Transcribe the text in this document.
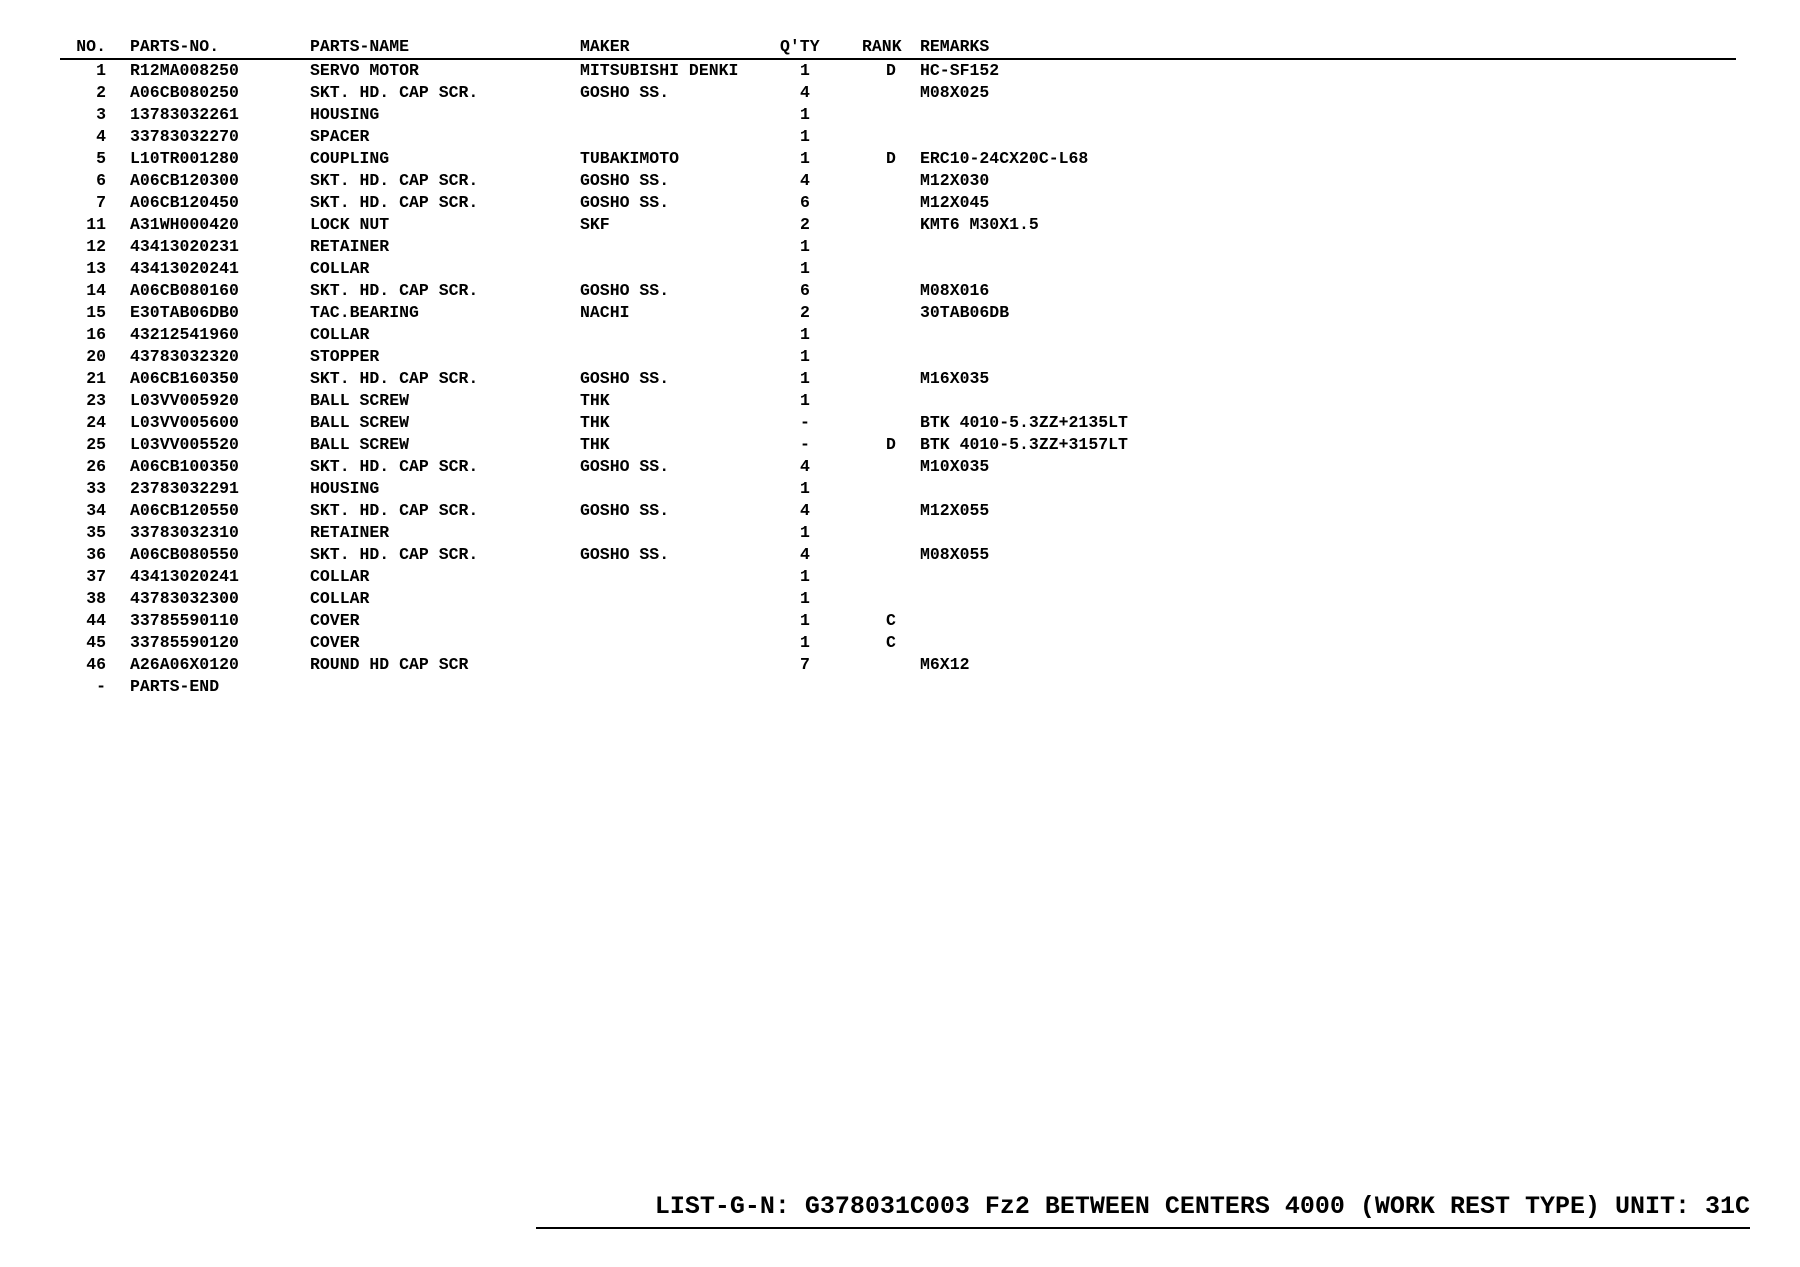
NO.	PARTS-NO.	PARTS-NAME	MAKER	Q'TY	RANK	REMARKS
1	R12MA008250	SERVO MOTOR	MITSUBISHI DENKI	1	D	HC-SF152
2	A06CB080250	SKT. HD. CAP SCR.	GOSHO SS.	4		M08X025
3	13783032261	HOUSING		1		
4	33783032270	SPACER		1		
5	L10TR001280	COUPLING	TUBAKIMOTO	1	D	ERC10-24CX20C-L68
6	A06CB120300	SKT. HD. CAP SCR.	GOSHO SS.	4		M12X030
7	A06CB120450	SKT. HD. CAP SCR.	GOSHO SS.	6		M12X045
11	A31WH000420	LOCK NUT	SKF	2		KMT6 M30X1.5
12	43413020231	RETAINER		1		
13	43413020241	COLLAR		1		
14	A06CB080160	SKT. HD. CAP SCR.	GOSHO SS.	6		M08X016
15	E30TAB06DB0	TAC.BEARING	NACHI	2		30TAB06DB
16	43212541960	COLLAR		1		
20	43783032320	STOPPER		1		
21	A06CB160350	SKT. HD. CAP SCR.	GOSHO SS.	1		M16X035
23	L03VV005920	BALL SCREW	THK	1		
24	L03VV005600	BALL SCREW	THK	-		BTK 4010-5.3ZZ+2135LT
25	L03VV005520	BALL SCREW	THK	-	D	BTK 4010-5.3ZZ+3157LT
26	A06CB100350	SKT. HD. CAP SCR.	GOSHO SS.	4		M10X035
33	23783032291	HOUSING		1		
34	A06CB120550	SKT. HD. CAP SCR.	GOSHO SS.	4		M12X055
35	33783032310	RETAINER		1		
36	A06CB080550	SKT. HD. CAP SCR.	GOSHO SS.	4		M08X055
37	43413020241	COLLAR		1		
38	43783032300	COLLAR		1		
44	33785590110	COVER		1	C	
45	33785590120	COVER		1	C	
46	A26A06X0120	ROUND HD CAP SCR		7		M6X12
-	PARTS-END					
LIST-G-N: G378031C003 Fz2 BETWEEN CENTERS 4000 (WORK REST TYPE) UNIT: 31C
